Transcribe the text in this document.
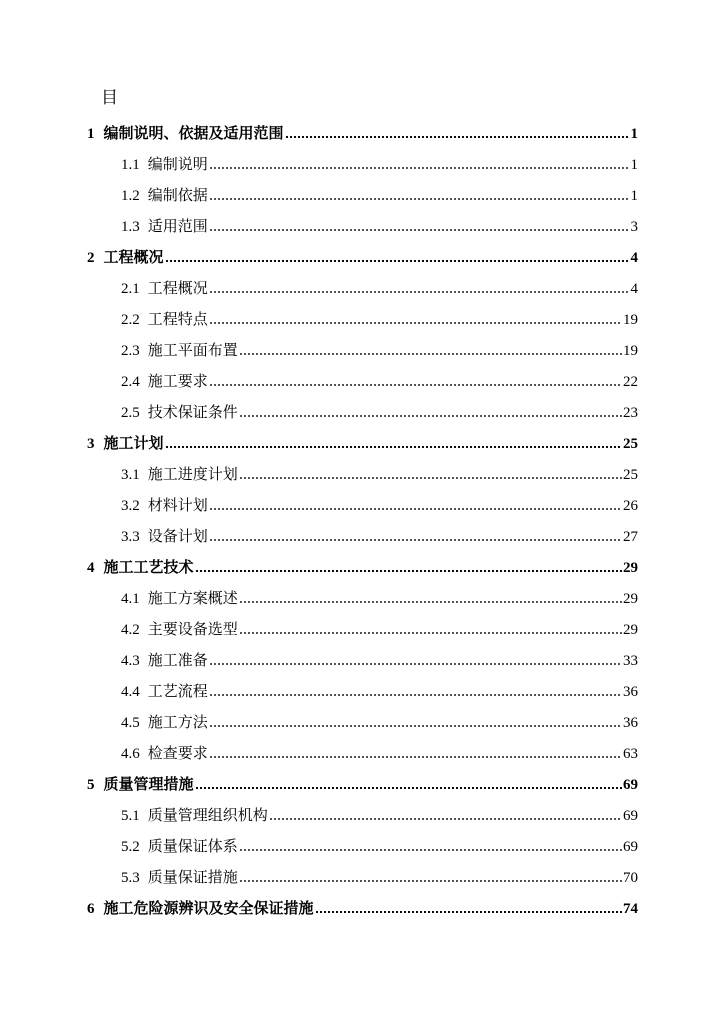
目
1 编制说明、依据及适用范围	1
1.1 编制说明	1
1.2 编制依据	1
1.3 适用范围	3
2 工程概况	4
2.1 工程概况	4
2.2 工程特点	19
2.3 施工平面布置	19
2.4 施工要求	22
2.5 技术保证条件	23
3 施工计划	25
3.1 施工进度计划	25
3.2 材料计划	26
3.3 设备计划	27
4 施工工艺技术	29
4.1 施工方案概述	29
4.2 主要设备选型	29
4.3 施工准备	33
4.4 工艺流程	36
4.5 施工方法	36
4.6 检查要求	63
5 质量管理措施	69
5.1 质量管理组织机构	69
5.2 质量保证体系	69
5.3 质量保证措施	70
6 施工危险源辨识及安全保证措施	74
